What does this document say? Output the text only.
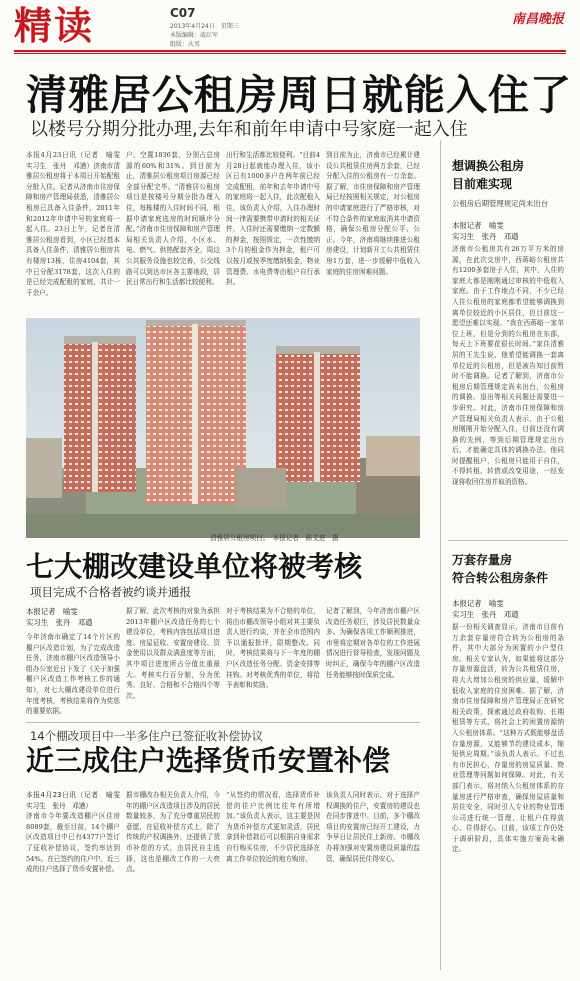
精读	C07
2013年4月24日　星期三
本版编辑：戚红军
组版：庆男
南昌晚报
清雅居公租房周日就能入住了
以楼号分期分批办理,去年和前年申请中号家庭一起入住
本报4月23日讯（记者　喻雯　实习生　张丹　邓遒）济南市清雅居公租房将于本周日开始配租分批入住。记者从济南市住房保障和房产管理局获悉，清雅居公租房已具备入住条件，2011年和2012年申请中号的家庭将一起入住。23日上午，记者在清雅居公租房看到，小区已经基本具备入住条件，清雅居公租房共有楼房13栋，住房4104套，其中已分配3178套，这次入住的是已经完成配租的家庭，共计一千余户。
户，空置1836套，分别占总房源的60%和31%。到目前为止，清雅居公租房项目房源已经全部分配完毕。“清雅居公租房项目是按楼号分期分批办理入住，每栋楼的入住时间不同，根据申请家庭选房的时间顺序分配。”济南市住房保障和房产管理局相关负责人介绍，小区水、电、燃气、供热配套齐全，周边公共服务设施也较完善，公交线路可以到达市区各主要地段，居民日常出行和生活都比较便利。
出行和生活都比较便利。“目前4月28日起就能办理入住，该小区已有1000多户在两年前已经完成配租，前年和去年申请中号的家庭将一起入住，此次配租入住，该负责人介绍，入住办理时间一律需要携带申请时的相关证件，入住时还需要缴纳一定数额的押金，按照规定，一次性缴纳3个月的租金作为押金，租户可以按月或按季度缴纳租金，物业管理费、水电费等由租户自行承担。
到目前为止，济南市已经累计建设公共租赁住房两万余套，已经分配入住的公租房有一万余套。据了解，市住房保障和房产管理局已经按照相关规定，对公租房的申请家庭进行了严格审核，对不符合条件的家庭取消其申请资格，确保公租房分配公平、公正。今年，济南将继续推进公租房建设，计划新开工公共租赁住房1万套，进一步缓解中低收入家庭的住房困难问题。
清雅居公租房项目。　本报记者　陈文进　摄
想调换公租房
目前难实现
公租房后期管理规定尚未出台
本报记者　喻雯
实习生　张丹　邓遒
济南市公租房共有26万平方米的房源，在此次交房中，西蒋峪公租房共有1200多套房子入住，其中，入住的家庭大都是刚刚通过审核的中低收入家庭。由于工作地点不同，不少已经入住公租房的家庭都希望能够调换到离单位较近的小区居住，但目前这一愿望还难以实现。“我在西蒋峪一家单位上班，但是分到的公租房在东部，每天上下班要花很长时间。”家住清雅居的王先生说，他希望能调换一套离单位近的公租房，但是被告知目前暂时不能调换。记者了解到，济南市公租房后期管理规定尚未出台，公租房的调换、退出等相关问题还需要进一步研究。对此，济南市住房保障和房产管理局相关负责人表示，由于公租房刚刚开始分配入住，目前还没有调换的先例，等到后期管理规定出台后，才能确定具体的调换办法。他同时提醒租户，公租房只能用于自住，不得转租、转借或改变用途，一经发现将收回住房并取消资格。
万套存量房
符合转公租房条件
本报记者　喻雯
实习生　张丹　邓遒
据一份相关调查显示，济南市目前有万余套存量房符合转为公租房的条件，其中大部分为闲置的小户型住房。相关专家认为，如果能将这部分存量房源盘活，转为公共租赁住房，将大大增加公租房的供应量，缓解中低收入家庭的住房困难。据了解，济南市住房保障和房产管理局正在研究相关政策，探索通过政府收购、长期租赁等方式，将社会上的闲置房源纳入公租房体系。“这种方式既能够盘活存量房源，又能够节约建设成本，缩短供应周期。”该负责人表示。不过也有市民担心，存量房的房屋质量、物业管理等问题如何保障。对此，有关部门表示，将对纳入公租房体系的存量房进行严格审查，确保房屋质量和居住安全，同时引入专业的物业管理公司进行统一管理，让租户住得放心、住得舒心。目前，该项工作仍处于调研阶段，具体实施方案尚未确定。
七大棚改建设单位将被考核
项目完成不合格者被约谈并通报
本报记者　喻雯
实习生　张丹　邓遒
今年济南市确定了14个片区的棚户区改造计划，为了完成改造任务，济南市棚户区改造领导小组办公室近日下发了《关于加强棚户区改造工作考核工作的通知》，对七大棚改建设单位进行年度考核，考核结果将作为奖惩的重要依据。
据了解，此次考核的对象为承担2013年棚户区改造任务的七个建设单位，考核内容包括项目进度、房屋征收、安置房建设、资金使用以及群众满意度等方面，其中项目进度所占分值比重最大。考核实行百分制，分为优秀、良好、合格和不合格四个等次。
对于考核结果为不合格的单位，将由市棚改领导小组对其主要负责人进行约谈，并在全市范围内予以通报批评，限期整改。同时，考核结果将与下一年度的棚户区改造任务分配、资金安排等挂钩。对考核优秀的单位，将给予表彰和奖励。
记者了解到，今年济南市棚户区改造任务艰巨，涉及居民数量众多。为确保各项工作顺利推进，市里将定期对各单位的工作进展情况进行督导检查，发现问题及时纠正，确保今年的棚户区改造任务能够按时保质完成。
14个棚改项目中一半多住户已签征收补偿协议
近三成住户选择货币安置补偿
本报4月23日讯（记者　喻雯　实习生　张丹　邓遒）
济南市今年要改造棚户区住房8089套，截至目前，14个棚户区改造项目中已有4377户签订了征收补偿协议，签约率达到54%。在已签约的住户中，近三成的住户选择了货币安置补偿。
据市棚改办相关负责人介绍，今年的棚户区改造项目涉及的居民数量较多，为了充分尊重居民的意愿，在征收补偿方式上，除了传统的产权调换外，还提供了货币补偿的方式，由居民自主选择，这也是棚改工作的一大亮点。
“从签约的情况看，选择货币补偿的住户比例比往年有所增加。”该负责人表示，这主要是因为货币补偿方式更加灵活，居民拿到补偿款后可以根据自身需求自行购买住房，不少居民选择在离工作单位较近的地方购房。
该负责人同时表示，对于选择产权调换的住户，安置房的建设也在同步推进中。目前，多个棚改项目的安置房已经开工建设，力争早日让居民住上新房。市棚改办将加强对安置房建设质量的监管，确保居民住得安心。
